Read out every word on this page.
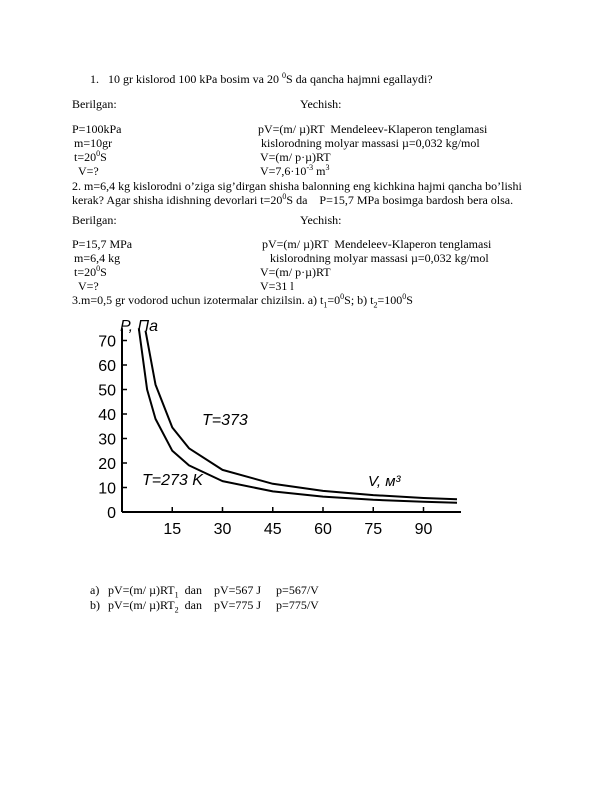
1. 10 gr kislorod 100 kPa bosim va 20 $^0$S da qancha hajmni egallaydi?
Berilgan:	Yechish:
P=100kPa
m=10gr
$t=20^0S$
V=?
pV=(m/ µ)RT  Mendeleev-Klaperon tenglamasi
kislorodning molyar massasi µ=0,032 kg/mol
V=(m/ p·µ)RT
$V=7,6\cdot 10^{-3}$ $m^3$
2. m=6,4 kg kislorodni o’ziga sig’dirgan shisha balonning eng kichkina hajmi qancha bo’lishi
kerak? Agar shisha idishning devorlari $t=20^0S$ da    P=15,7 MPa bosimga bardosh bera olsa.
Berilgan:	Yechish:
P=15,7 MPa
m=6,4 kg
$t=20^0S$
V=?
pV=(m/ µ)RT  Mendeleev-Klaperon tenglamasi
kislorodning molyar massasi µ=0,032 kg/mol
V=(m/ p·µ)RT
V=31 l
3.m=0,5 gr vodorod uchun izotermalar chizilsin. a) $t_1=0^0S$; b) $t_2=100^0S$
0
10
20
30
40
50
60
70
15 30 45 60 75 90
P, Па
V, м³
T=373
T=273 K
a) pV=(m/ $\mu)RT_1$  dan    pV=567 J     p=567/V
b) pV=(m/ $\mu)RT_2$  dan    pV=775 J     p=775/V
